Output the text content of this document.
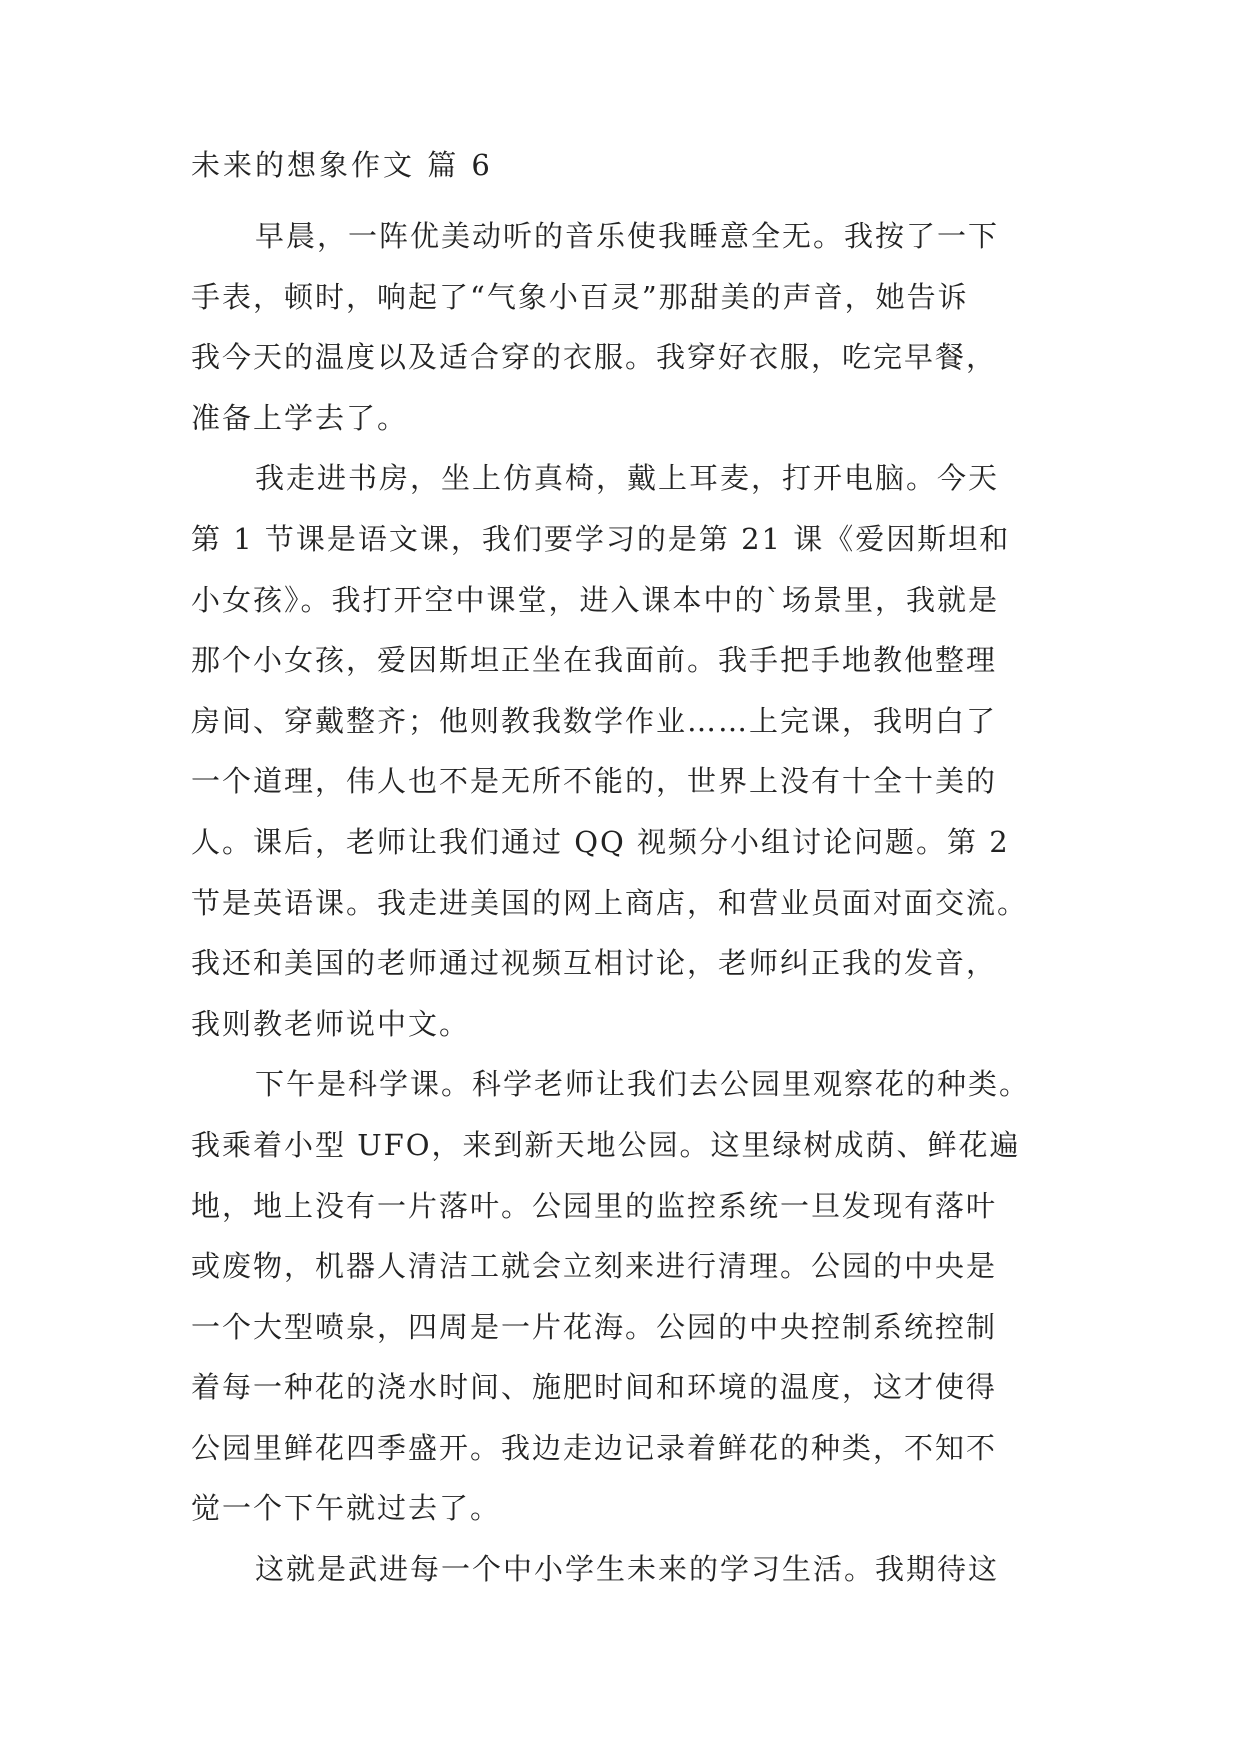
未来的想象作文 篇 6
早晨，一阵优美动听的音乐使我睡意全无。我按了一下
手表，顿时，响起了“气象小百灵”那甜美的声音，她告诉
我今天的温度以及适合穿的衣服。我穿好衣服，吃完早餐，
准备上学去了。
我走进书房，坐上仿真椅，戴上耳麦，打开电脑。今天
第 1 节课是语文课，我们要学习的是第 21 课《爱因斯坦和
小女孩》。我打开空中课堂，进入课本中的`场景里，我就是
那个小女孩，爱因斯坦正坐在我面前。我手把手地教他整理
房间、穿戴整齐；他则教我数学作业……上完课，我明白了
一个道理，伟人也不是无所不能的，世界上没有十全十美的
人。课后，老师让我们通过 QQ 视频分小组讨论问题。第 2
节是英语课。我走进美国的网上商店，和营业员面对面交流。
我还和美国的老师通过视频互相讨论，老师纠正我的发音，
我则教老师说中文。
下午是科学课。科学老师让我们去公园里观察花的种类。
我乘着小型 UFO，来到新天地公园。这里绿树成荫、鲜花遍
地，地上没有一片落叶。公园里的监控系统一旦发现有落叶
或废物，机器人清洁工就会立刻来进行清理。公园的中央是
一个大型喷泉，四周是一片花海。公园的中央控制系统控制
着每一种花的浇水时间、施肥时间和环境的温度，这才使得
公园里鲜花四季盛开。我边走边记录着鲜花的种类，不知不
觉一个下午就过去了。
这就是武进每一个中小学生未来的学习生活。我期待这
